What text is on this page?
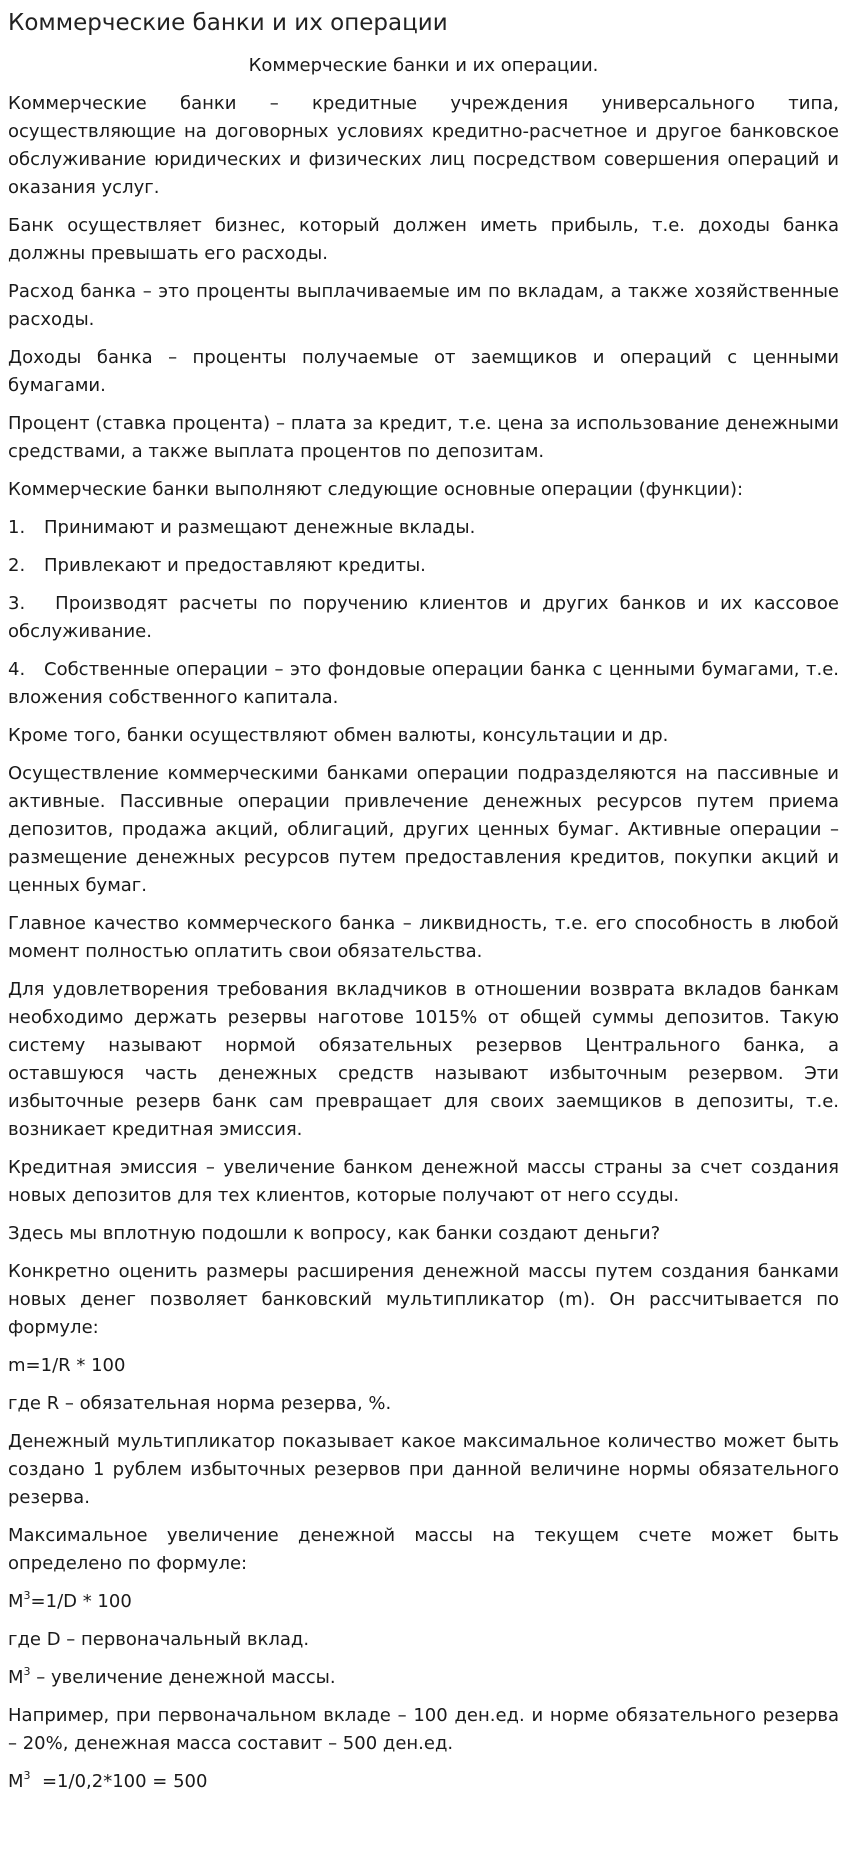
Коммерческие банки и их операции
Коммерческие банки и их операции.

Коммерческие банки – кредитные учреждения универсального типа, осуществляющие на договорных условиях кредитно-расчетное и другое банковское обслуживание юридических и физических лиц посредством совершения операций и оказания услуг.

Банк осуществляет бизнес, который должен иметь прибыль, т.е. доходы банка должны превышать его расходы.

Расход банка – это проценты выплачиваемые им по вкладам, а также хозяйственные расходы.

Доходы банка – проценты получаемые от заемщиков и операций с ценными бумагами.

Процент (ставка процента) – плата за кредит, т.е. цена за использование денежными средствами, а также выплата процентов по депозитам.

Коммерческие банки выполняют следующие основные операции (функции):

1. Принимают и размещают денежные вклады.

2. Привлекают и предоставляют кредиты.

3. Производят расчеты по поручению клиентов и других банков и их кассовое обслуживание.

4. Собственные операции – это фондовые операции банка с ценными бумагами, т.е. вложения собственного капитала.

Кроме того, банки осуществляют обмен валюты, консультации и др.

Осуществление коммерческими банками операции подразделяются на пассивные и активные. Пассивные операции привлечение денежных ресурсов путем приема депозитов, продажа акций, облигаций, других ценных бумаг. Активные операции – размещение денежных ресурсов путем предоставления кредитов, покупки акций и ценных бумаг.

Главное качество коммерческого банка – ликвидность, т.е. его способность в любой момент полностью оплатить свои обязательства.

Для удовлетворения требования вкладчиков в отношении возврата вкладов банкам необходимо держать резервы наготове 1015% от общей суммы депозитов. Такую систему называют нормой обязательных резервов Центрального банка, а оставшуюся часть денежных средств называют избыточным резервом. Эти избыточные резерв банк сам превращает для своих заемщиков в депозиты, т.е. возникает кредитная эмиссия.

Кредитная эмиссия – увеличение банком денежной массы страны за счет создания новых депозитов для тех клиентов, которые получают от него ссуды.

Здесь мы вплотную подошли к вопросу, как банки создают деньги?

Конкретно оценить размеры расширения денежной массы путем создания банками новых денег позволяет банковский мультипликатор (m). Он рассчитывается по формуле:

m=1/R * 100

где R – обязательная норма резерва, %.

Денежный мультипликатор показывает какое максимальное количество может быть создано 1 рублем избыточных резервов при данной величине нормы обязательного резерва.

Максимальное увеличение денежной массы на текущем счете может быть определено по формуле:

$M^3=1/D * 100$

где D – первоначальный вклад.

$M^3$ – увеличение денежной массы.

Например, при первоначальном вкладе – 100 ден.ед. и норме обязательного резерва – 20%, денежная масса составит – 500 ден.ед.

$M^3 =1/0,2*100 = 500$
